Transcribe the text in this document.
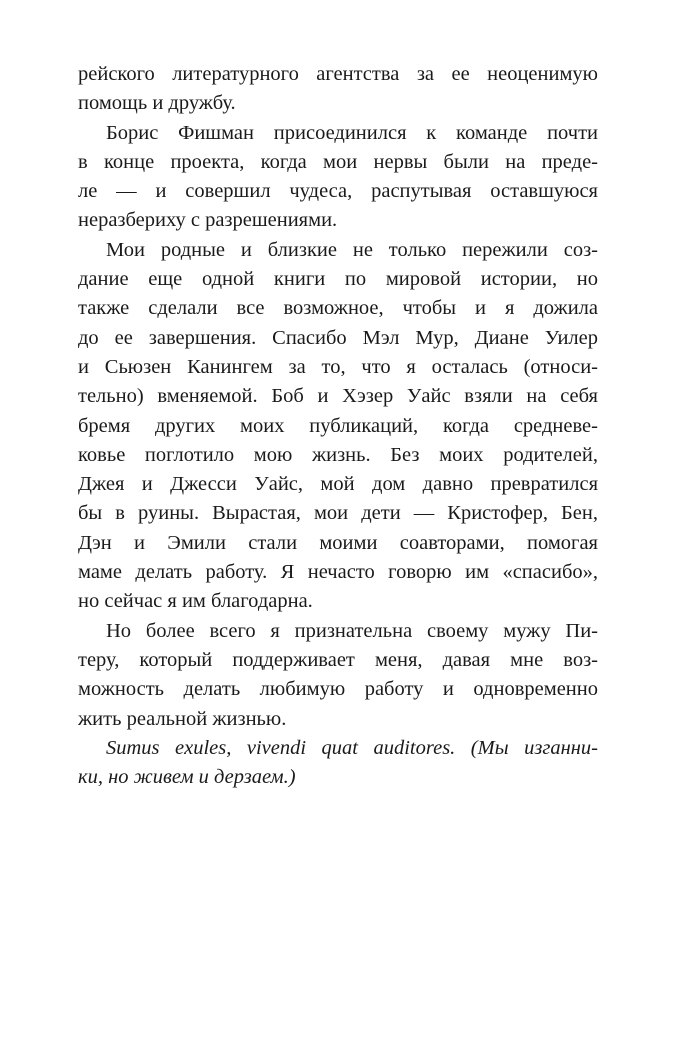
рейского литературного агентства за ее неоценимую
помощь и дружбу.
Борис Фишман присоединился к команде почти
в конце проекта, когда мои нервы были на преде-
ле — и совершил чудеса, распутывая оставшуюся
неразбериху с разрешениями.
Мои родные и близкие не только пережили соз-
дание еще одной книги по мировой истории, но
также сделали все возможное, чтобы и я дожила
до ее завершения. Спасибо Мэл Мур, Диане Уилер
и Сьюзен Канингем за то, что я осталась (относи-
тельно) вменяемой. Боб и Хэзер Уайс взяли на себя
бремя других моих публикаций, когда средневе-
ковье поглотило мою жизнь. Без моих родителей,
Джея и Джесси Уайс, мой дом давно превратился
бы в руины. Вырастая, мои дети — Кристофер, Бен,
Дэн и Эмили стали моими соавторами, помогая
маме делать работу. Я нечасто говорю им «спасибо»,
но сейчас я им благодарна.
Но более всего я признательна своему мужу Пи-
теру, который поддерживает меня, давая мне воз-
можность делать любимую работу и одновременно
жить реальной жизнью.
Sumus exules, vivendi quat auditores. (Мы изганни-
ки, но живем и дерзаем.)
